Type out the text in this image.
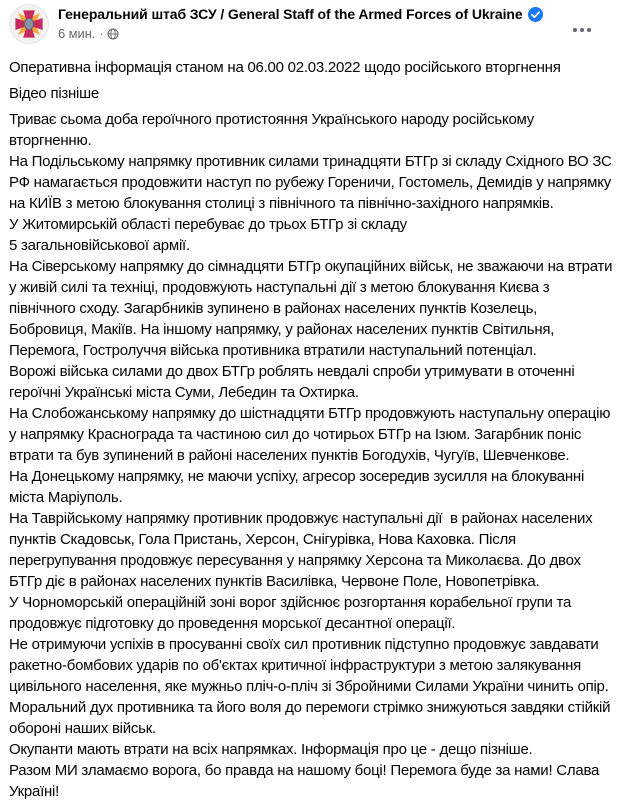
Генеральний штаб ЗСУ / General Staff of the Armed Forces of Ukraine
6 мин. ·
Оперативна інформація станом на 06.00 02.03.2022 щодо російського вторгнення
Відео пізніше
Триває сьома доба героїчного протистояння Українського народу російському вторгненню.
На Подільському напрямку противник силами тринадцяти БТГр зі складу Східного ВО ЗС РФ намагається продовжити наступ по рубежу Гореничи, Гостомель, Демидів у напрямку на КИЇВ з метою блокування столиці з північного та північно-західного напрямків.
У Житомирській області перебуває до трьох БТГр зі складу
5 загальновійськової армії.
На Сіверському напрямку до сімнадцяти БТГр окупаційних військ, не зважаючи на втрати у живій силі та техніці, продовжують наступальні дії з метою блокування Києва з північного сходу. Загарбників зупинено в районах населених пунктів Козелець, Бобровиця, Макіїв. На іншому напрямку, у районах населених пунктів Світильня, Перемога, Гостролуччя війська противника втратили наступальний потенціал.
Ворожі війська силами до двох БТГр роблять невдалі спроби утримувати в оточенні героїчні Українські міста Суми, Лебедин та Охтирка.
На Слобожанському напрямку до шістнадцяти БТГр продовжують наступальну операцію у напрямку Краснограда та частиною сил до чотирьох БТГр на Ізюм. Загарбник поніс втрати та був зупинений в районі населених пунктів Богодухів, Чугуїв, Шевченкове.
На Донецькому напрямку, не маючи успіху, агресор зосередив зусилля на блокуванні міста Маріуполь.
На Таврійському напрямку противник продовжує наступальні дії  в районах населених пунктів Скадовськ, Гола Пристань, Херсон, Снігурівка, Нова Каховка. Після перегрупування продовжує пересування у напрямку Херсона та Миколаєва. До двох БТГр діє в районах населених пунктів Василівка, Червоне Поле, Новопетрівка.
У Чорноморській операційній зоні ворог здійснює розгортання корабельної групи та продовжує підготовку до проведення морської десантної операції.
Не отримуючи успіхів в просуванні своїх сил противник підступно продовжує завдавати ракетно-бомбових ударів по об'єктах критичної інфраструктури з метою залякування цивільного населення, яке мужньо пліч-о-пліч зі Збройними Силами України чинить опір.
Моральний дух противника та його воля до перемоги стрімко знижуються завдяки стійкій обороні наших військ.
Окупанти мають втрати на всіх напрямках. Інформація про це - дещо пізніше.
Разом МИ зламаємо ворога, бо правда на нашому боці! Перемога буде за нами! Слава Україні!
